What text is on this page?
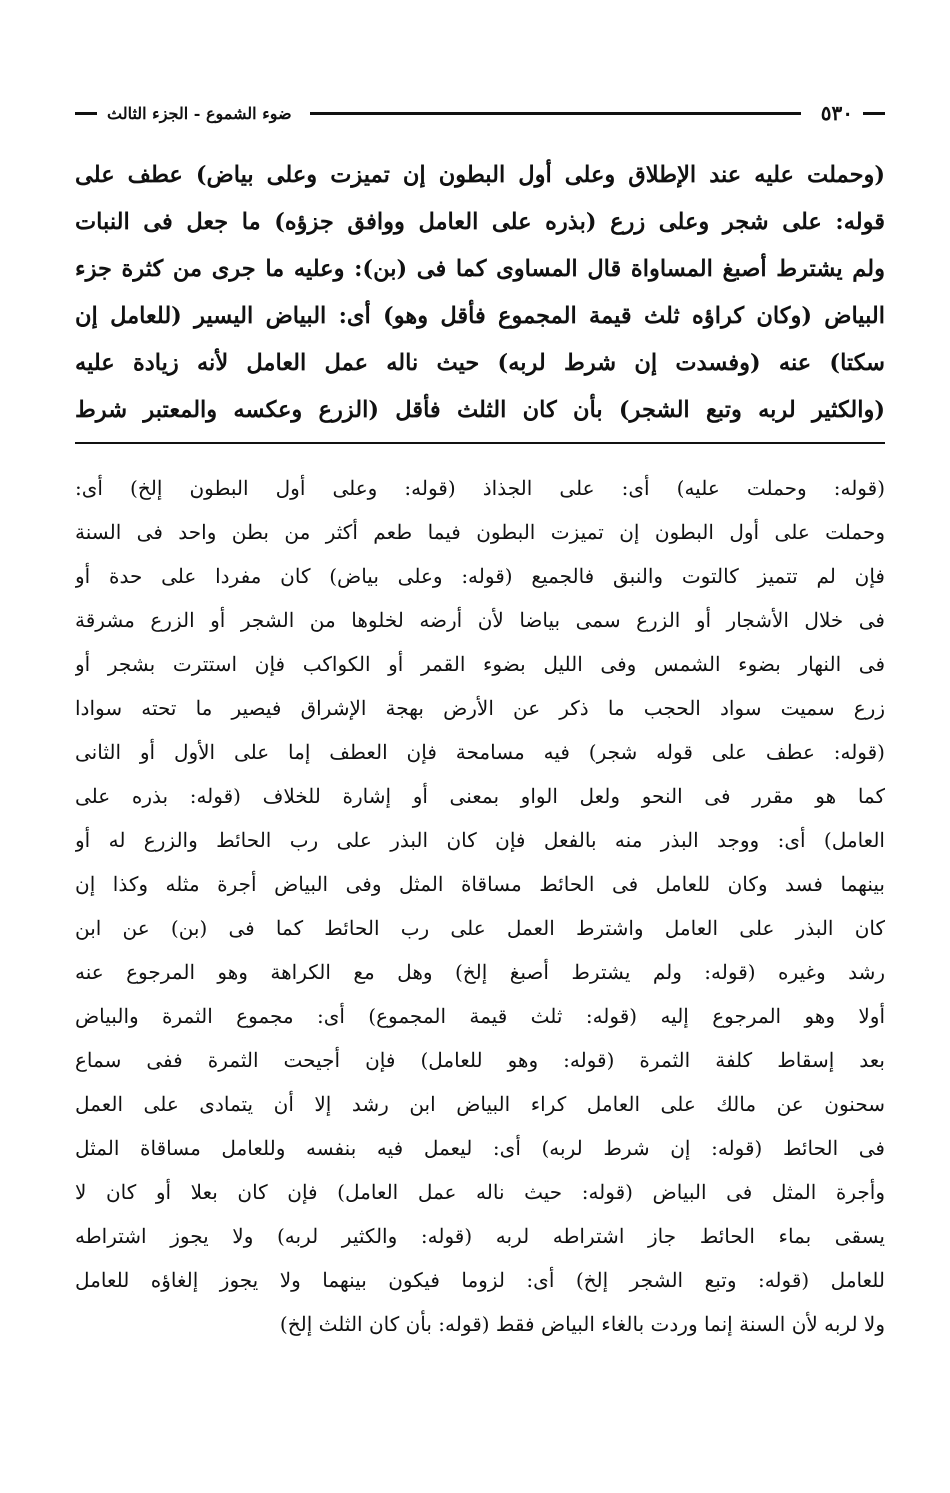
٥٣٠
ضوء الشموع - الجزء الثالث
(وحملت عليه عند الإطلاق وعلى أول البطون إن تميزت وعلى بياض) عطف على
قوله: على شجر وعلى زرع (بذره على العامل ووافق جزؤه) ما جعل فى النبات
ولم يشترط أصبغ المساواة قال المساوى كما فى (بن): وعليه ما جرى من كثرة جزء
البياض (وكان كراؤه ثلث قيمة المجموع فأقل وهو) أى: البياض اليسير (للعامل إن
سكتا) عنه (وفسدت إن شرط لربه) حيث ناله عمل العامل لأنه زيادة عليه
(والكثير لربه وتبع الشجر) بأن كان الثلث فأقل (الزرع وعكسه والمعتبر شرط
(قوله: وحملت عليه) أى: على الجذاذ (قوله: وعلى أول البطون إلخ) أى:
وحملت على أول البطون إن تميزت البطون فيما طعم أكثر من بطن واحد فى السنة
فإن لم تتميز كالتوت والنبق فالجميع (قوله: وعلى بياض) كان مفردا على حدة أو
فى خلال الأشجار أو الزرع سمى بياضا لأن أرضه لخلوها من الشجر أو الزرع مشرقة
فى النهار بضوء الشمس وفى الليل بضوء القمر أو الكواكب فإن استترت بشجر أو
زرع سميت سواد الحجب ما ذكر عن الأرض بهجة الإشراق فيصير ما تحته سوادا
(قوله: عطف على قوله شجر) فيه مسامحة فإن العطف إما على الأول أو الثانى
كما هو مقرر فى النحو ولعل الواو بمعنى أو إشارة للخلاف (قوله: بذره على
العامل) أى: ووجد البذر منه بالفعل فإن كان البذر على رب الحائط والزرع له أو
بينهما فسد وكان للعامل فى الحائط مساقاة المثل وفى البياض أجرة مثله وكذا إن
كان البذر على العامل واشترط العمل على رب الحائط كما فى (بن) عن ابن
رشد وغيره (قوله: ولم يشترط أصبغ إلخ) وهل مع الكراهة وهو المرجوع عنه
أولا وهو المرجوع إليه (قوله: ثلث قيمة المجموع) أى: مجموع الثمرة والبياض
بعد إسقاط كلفة الثمرة (قوله: وهو للعامل) فإن أجيحت الثمرة ففى سماع
سحنون عن مالك على العامل كراء البياض ابن رشد إلا أن يتمادى على العمل
فى الحائط (قوله: إن شرط لربه) أى: ليعمل فيه بنفسه وللعامل مساقاة المثل
وأجرة المثل فى البياض (قوله: حيث ناله عمل العامل) فإن كان بعلا أو كان لا
يسقى بماء الحائط جاز اشتراطه لربه (قوله: والكثير لربه) ولا يجوز اشتراطه
للعامل (قوله: وتبع الشجر إلخ) أى: لزوما فيكون بينهما ولا يجوز إلغاؤه للعامل
ولا لربه لأن السنة إنما وردت بالغاء البياض فقط (قوله: بأن كان الثلث إلخ)
